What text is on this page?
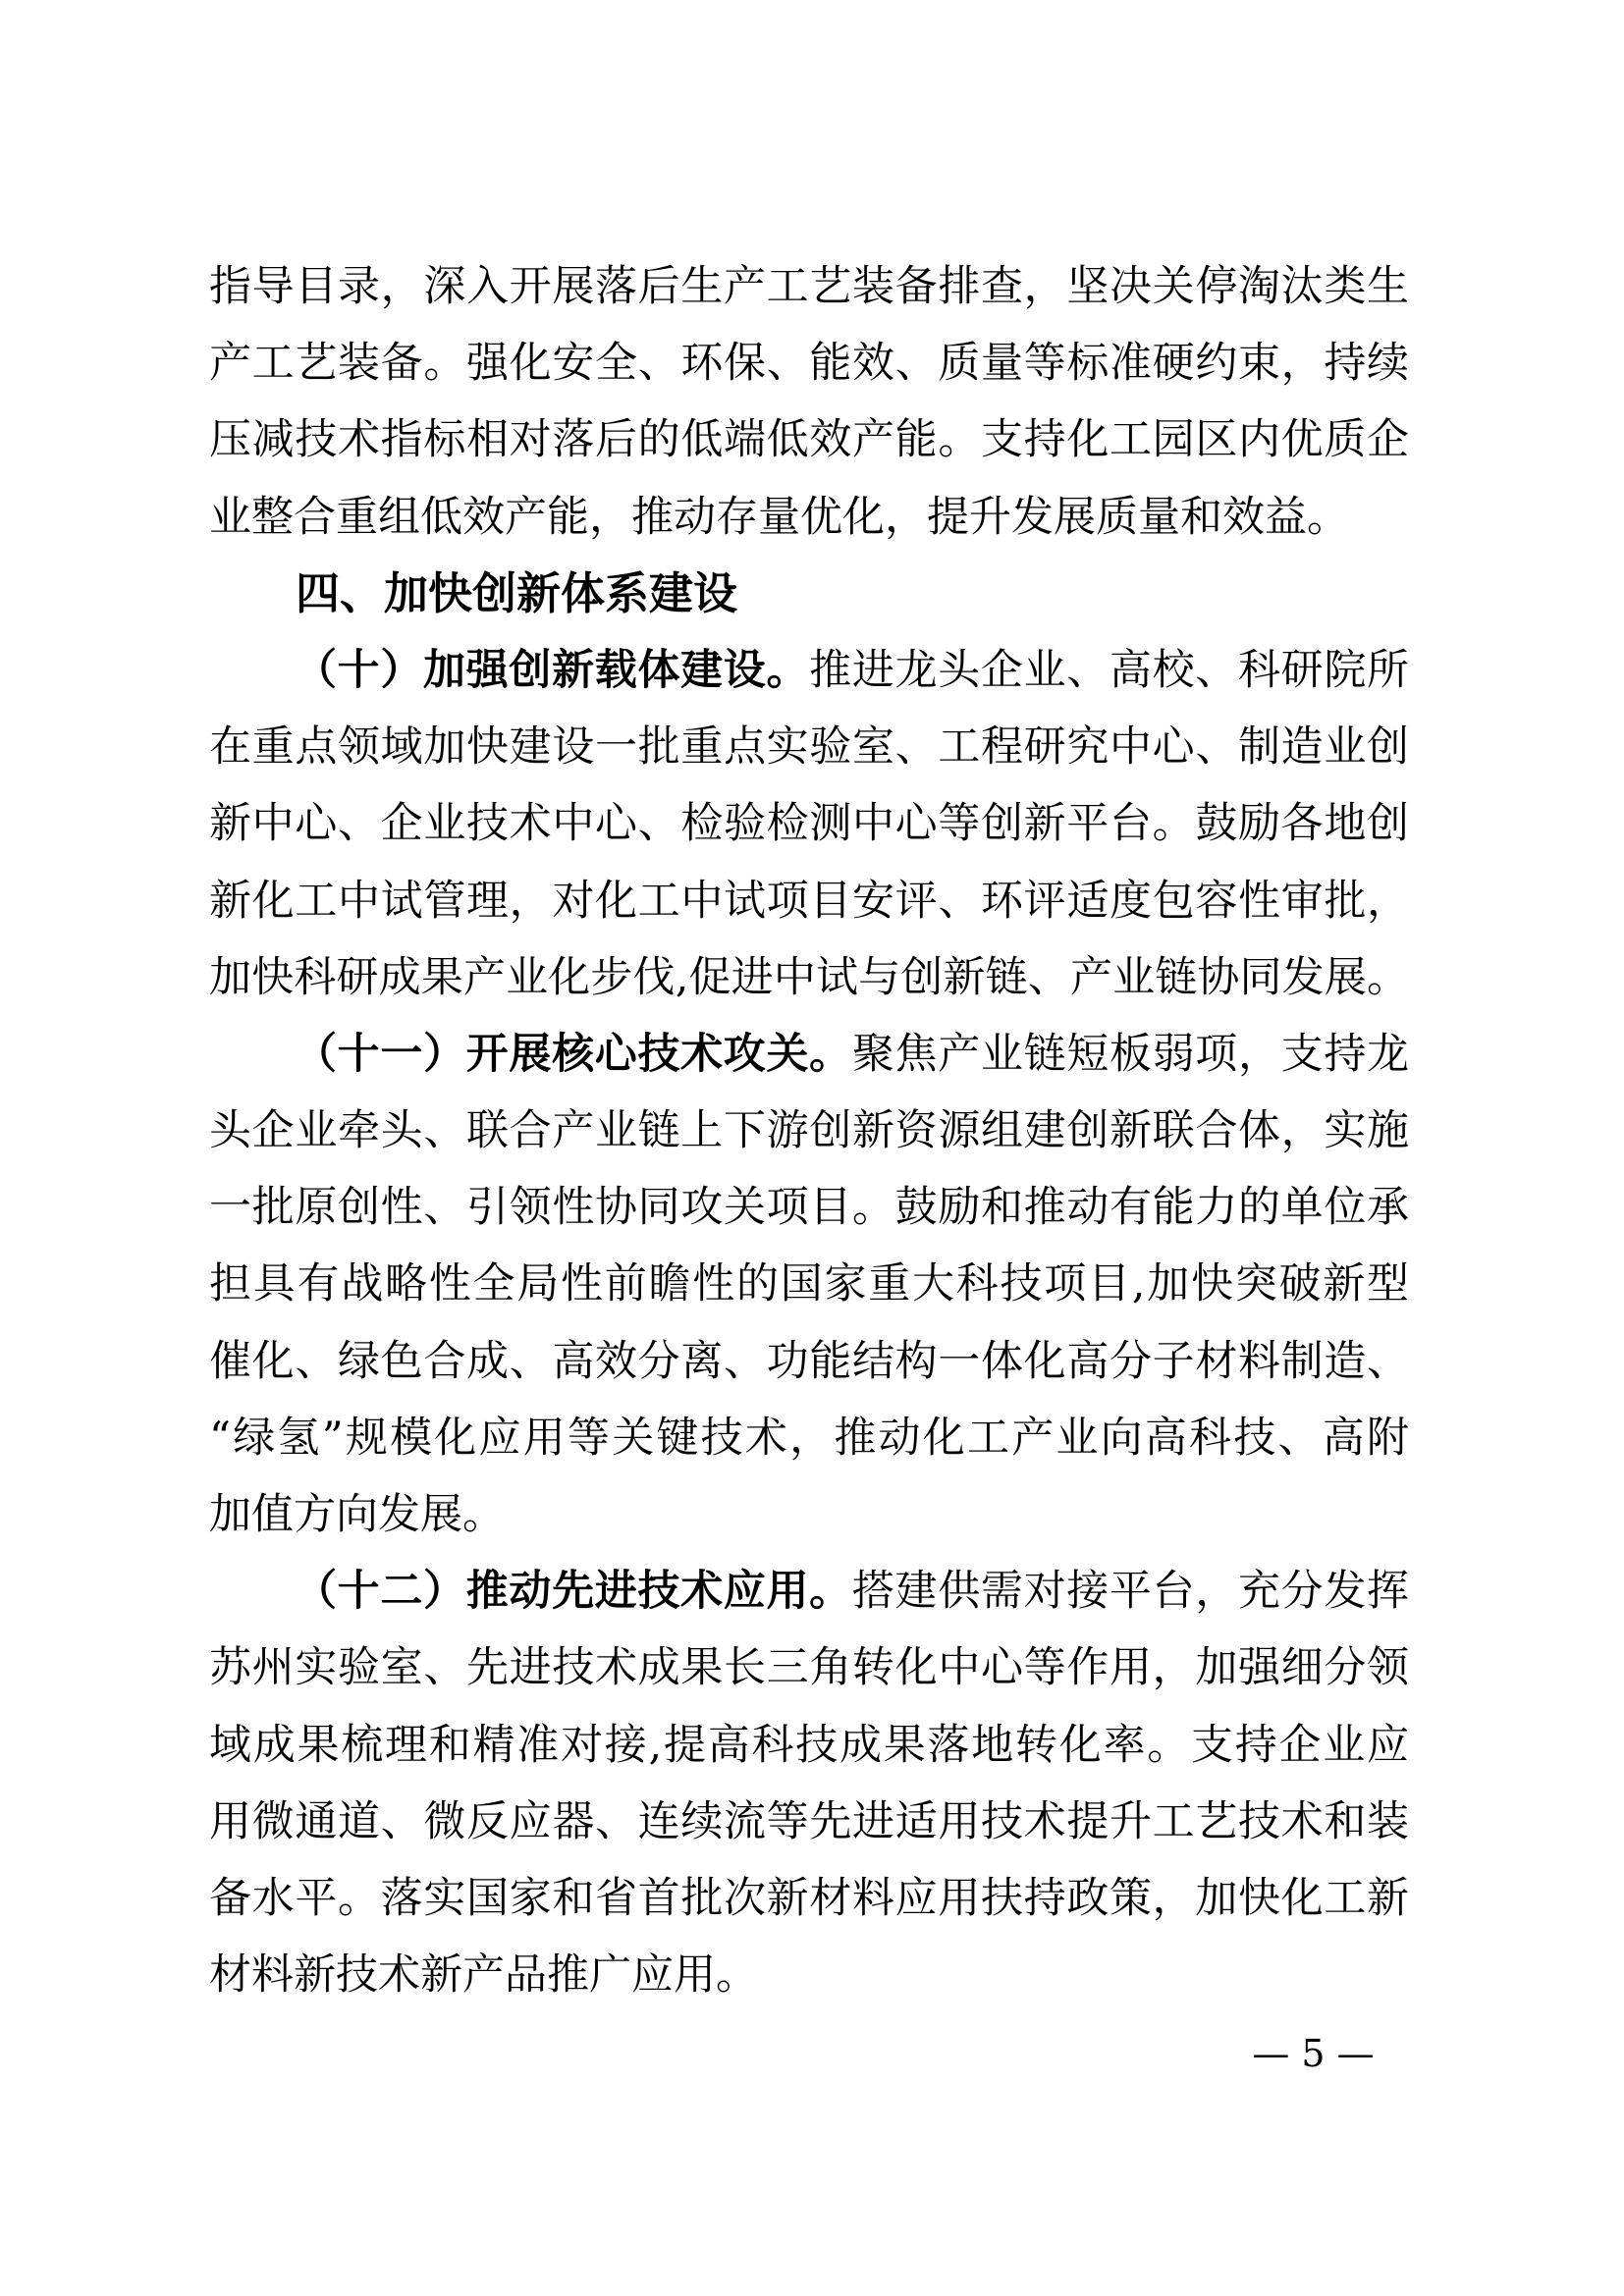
指导目录，深入开展落后生产工艺装备排查，坚决关停淘汰类生
产工艺装备。强化安全、环保、能效、质量等标准硬约束，持续
压减技术指标相对落后的低端低效产能。支持化工园区内优质企
业整合重组低效产能，推动存量优化，提升发展质量和效益。
四、加快创新体系建设
（十）加强创新载体建设。推进龙头企业、高校、科研院所
在重点领域加快建设一批重点实验室、工程研究中心、制造业创
新中心、企业技术中心、检验检测中心等创新平台。鼓励各地创
新化工中试管理，对化工中试项目安评、环评适度包容性审批，
加快科研成果产业化步伐,促进中试与创新链、产业链协同发展。
（十一）开展核心技术攻关。聚焦产业链短板弱项，支持龙
头企业牵头、联合产业链上下游创新资源组建创新联合体，实施
一批原创性、引领性协同攻关项目。鼓励和推动有能力的单位承
担具有战略性全局性前瞻性的国家重大科技项目,加快突破新型
催化、绿色合成、高效分离、功能结构一体化高分子材料制造、
“绿氢”规模化应用等关键技术，推动化工产业向高科技、高附
加值方向发展。
（十二）推动先进技术应用。搭建供需对接平台，充分发挥
苏州实验室、先进技术成果长三角转化中心等作用，加强细分领
域成果梳理和精准对接,提高科技成果落地转化率。支持企业应
用微通道、微反应器、连续流等先进适用技术提升工艺技术和装
备水平。落实国家和省首批次新材料应用扶持政策，加快化工新
材料新技术新产品推广应用。
— 5 —
